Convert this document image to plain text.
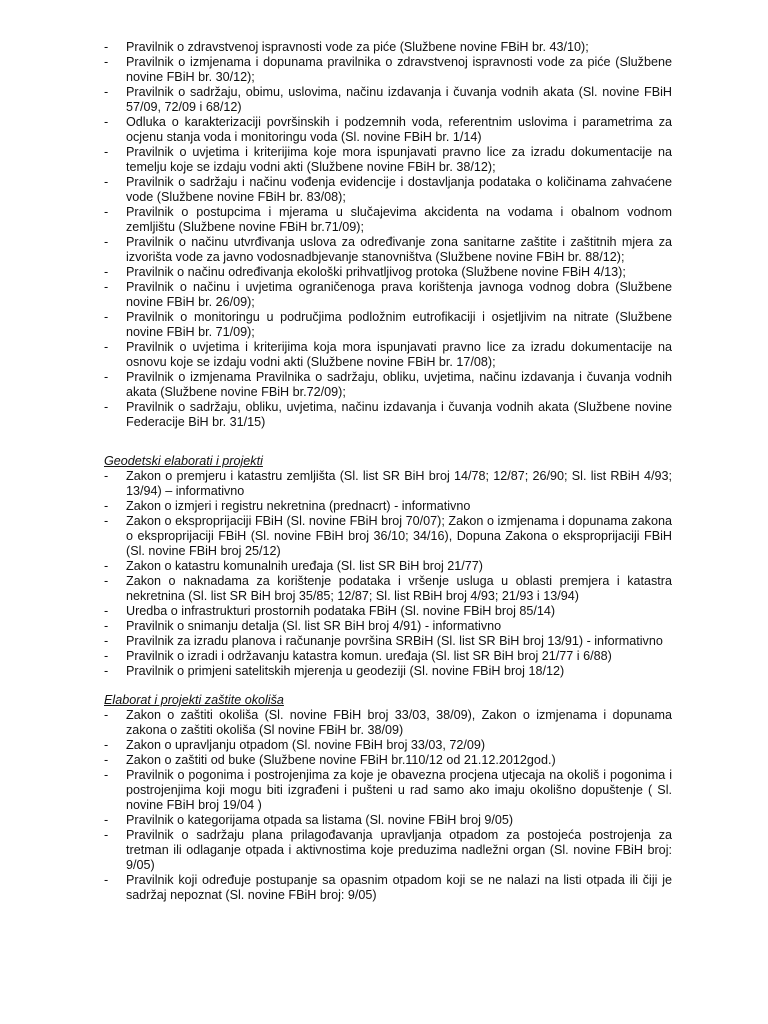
- Pravilnik o zdravstvenoj ispravnosti vode za piće (Službene novine FBiH br. 43/10);
- Pravilnik o izmjenama i dopunama pravilnika o zdravstvenoj ispravnosti vode za piće (Službene novine FBiH br. 30/12);
- Pravilnik o sadržaju, obimu, uslovima, načinu izdavanja i čuvanja vodnih akata (Sl. novine FBiH 57/09, 72/09 i 68/12)
- Odluka o karakterizaciji površinskih i podzemnih voda, referentnim uslovima i parametrima za ocjenu stanja voda i monitoringu voda (Sl. novine FBiH br. 1/14)
- Pravilnik o uvjetima i kriterijima koje mora ispunjavati pravno lice za izradu dokumentacije na temelju koje se izdaju vodni akti (Službene novine FBiH br. 38/12);
- Pravilnik o sadržaju i načinu vođenja evidencije i dostavljanja podataka o količinama zahvaćene vode (Službene novine FBiH br. 83/08);
- Pravilnik o postupcima i mjerama u slučajevima akcidenta na vodama i obalnom vodnom zemljištu (Službene novine FBiH br.71/09);
- Pravilnik o načinu utvrđivanja uslova za određivanje zona sanitarne zaštite i zaštitnih mjera za izvorišta vode za javno vodosnadbjevanje stanovništva (Službene novine FBiH br. 88/12);
- Pravilnik o načinu određivanja ekološki prihvatljivog protoka (Službene novine FBiH 4/13);
- Pravilnik o načinu i uvjetima ograničenoga prava korištenja javnoga vodnog dobra (Službene novine FBiH br. 26/09);
- Pravilnik o monitoringu u područjima podložnim eutrofikaciji i osjetljivim na nitrate (Službene novine FBiH br. 71/09);
- Pravilnik o uvjetima i kriterijima koja mora ispunjavati pravno lice za izradu dokumentacije na osnovu koje se izdaju vodni akti (Službene novine FBiH br. 17/08);
- Pravilnik o izmjenama Pravilnika o sadržaju, obliku, uvjetima, načinu izdavanja i čuvanja vodnih akata (Službene novine FBiH br.72/09);
- Pravilnik o sadržaju, obliku, uvjetima, načinu izdavanja i čuvanja vodnih akata (Službene novine Federacije BiH br. 31/15)

Geodetski elaborati i projekti

- Zakon o premjeru i katastru zemljišta (Sl. list SR BiH broj 14/78; 12/87; 26/90; Sl. list RBiH 4/93; 13/94) – informativno
- Zakon o izmjeri i registru nekretnina (prednacrt) - informativno
- Zakon o eksproprijaciji FBiH (Sl. novine FBiH broj 70/07); Zakon o izmjenama i dopunama zakona o eksproprijaciji FBiH (Sl. novine FBiH broj 36/10; 34/16), Dopuna Zakona o eksproprijaciji FBiH (Sl. novine FBiH broj 25/12)
- Zakon o katastru komunalnih uređaja (Sl. list SR BiH broj 21/77)
- Zakon o naknadama za korištenje podataka i vršenje usluga u oblasti premjera i katastra nekretnina (Sl. list SR BiH broj 35/85; 12/87; Sl. list RBiH broj 4/93; 21/93 i 13/94)
- Uredba o infrastrukturi prostornih podataka FBiH (Sl. novine FBiH broj 85/14)
- Pravilnik o snimanju detalja (Sl. list SR BiH broj 4/91) - informativno
- Pravilnik za izradu planova i računanje površina SRBiH (Sl. list SR BiH broj 13/91) - informativno
- Pravilnik o izradi i održavanju katastra komun. uređaja (Sl. list SR BiH broj 21/77 i 6/88)
- Pravilnik o primjeni satelitskih mjerenja u geodeziji (Sl. novine FBiH broj 18/12)

Elaborat i projekti zaštite okoliša

- Zakon o zaštiti okoliša (Sl. novine FBiH broj 33/03, 38/09), Zakon o izmjenama i dopunama zakona o zaštiti okoliša (Sl novine FBiH br. 38/09)
- Zakon o upravljanju otpadom (Sl. novine FBiH broj 33/03, 72/09)
- Zakon o zaštiti od buke (Službene novine FBiH br.110/12 od 21.12.2012god.)
- Pravilnik o pogonima i postrojenjima za koje je obavezna procjena utjecaja na okoliš i pogonima i postrojenjima koji mogu biti izgrađeni i pušteni u rad samo ako imaju okolišno dopuštenje ( Sl. novine FBiH broj 19/04 )
- Pravilnik o kategorijama otpada sa listama (Sl. novine FBiH broj 9/05)
- Pravilnik o sadržaju plana prilagođavanja upravljanja otpadom za postojeća postrojenja za tretman ili odlaganje otpada i aktivnostima koje preduzima nadležni organ (Sl. novine FBiH broj: 9/05)
- Pravilnik koji određuje postupanje sa opasnim otpadom koji se ne nalazi na listi otpada ili čiji je sadržaj nepoznat (Sl. novine FBiH broj: 9/05)
